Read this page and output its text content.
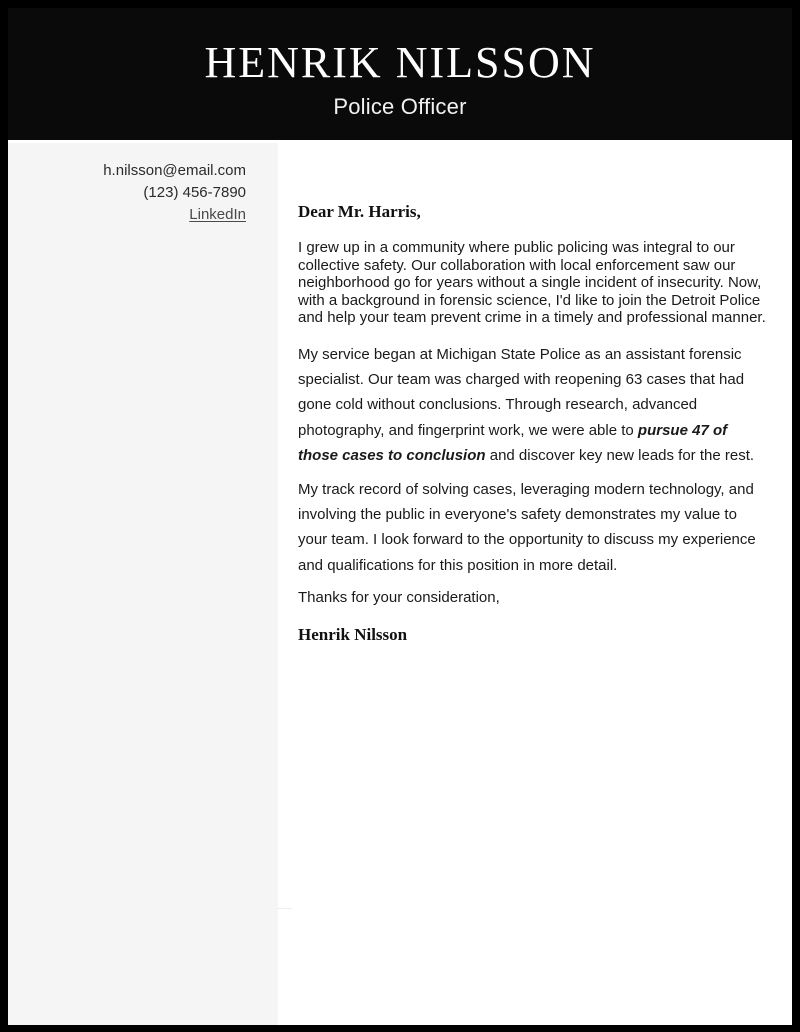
HENRIK NILSSON
Police Officer
h.nilsson@email.com
(123) 456-7890
LinkedIn	Dear Mr. Harris,

I grew up in a community where public policing was integral to our collective safety. Our collaboration with local enforcement saw our neighborhood go for years without a single incident of insecurity. Now, with a background in forensic science, I'd like to join the Detroit Police and help your team prevent crime in a timely and professional manner.

My service began at Michigan State Police as an assistant forensic specialist. Our team was charged with reopening 63 cases that had gone cold without conclusions. Through research, advanced photography, and fingerprint work, we were able to pursue 47 of those cases to conclusion and discover key new leads for the rest.

My track record of solving cases, leveraging modern technology, and involving the public in everyone's safety demonstrates my value to your team. I look forward to the opportunity to discuss my experience and qualifications for this position in more detail.

Thanks for your consideration,

Henrik Nilsson
